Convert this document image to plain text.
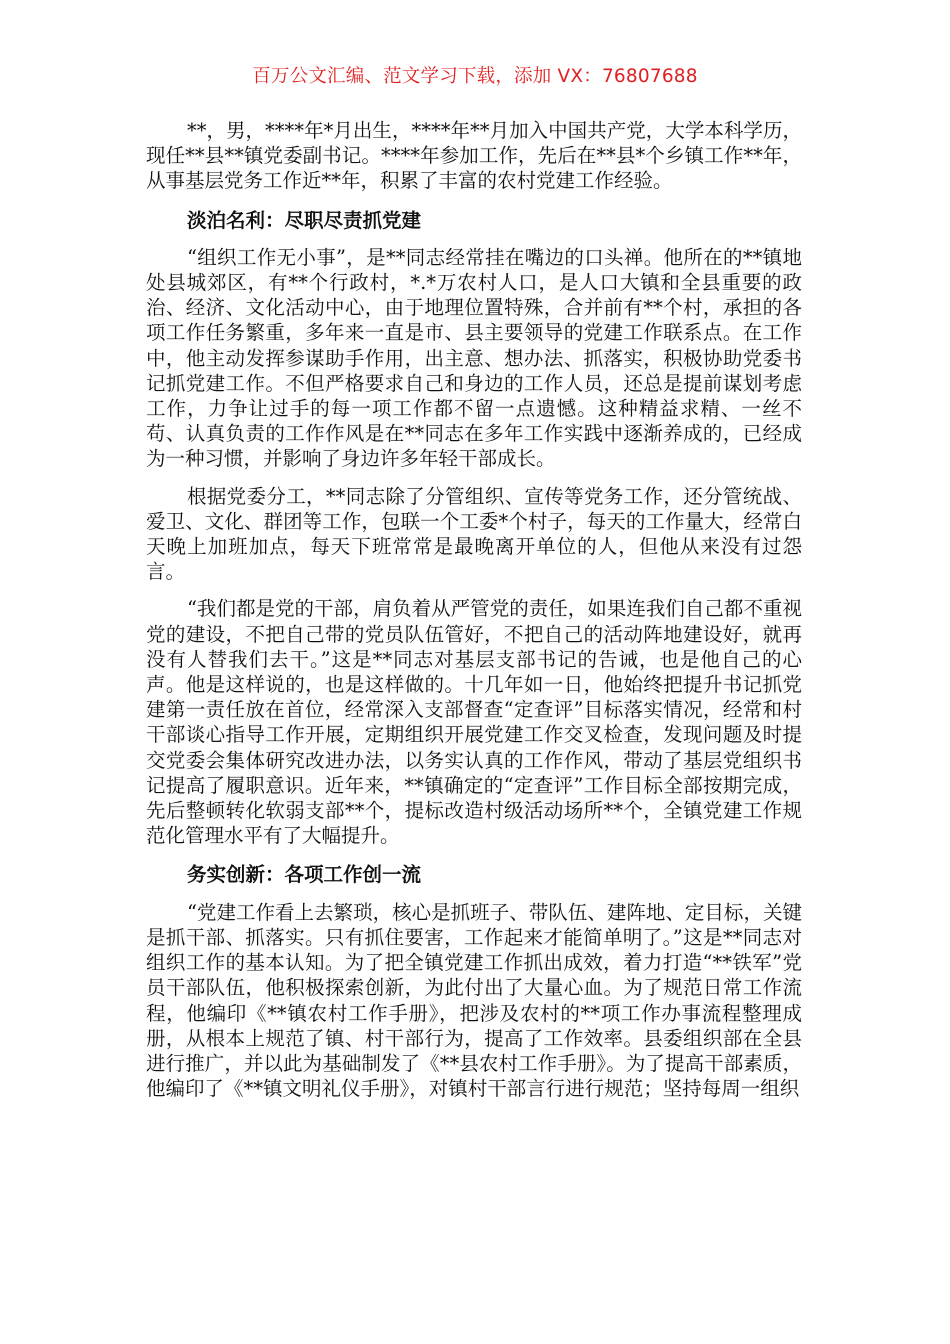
百万公文汇编、范文学习下载，添加 VX：76807688

**，男，****年*月出生，****年**月加入中国共产党，大学本科学历，现任**县**镇党委副书记。****年参加工作，先后在**县*个乡镇工作**年，从事基层党务工作近**年，积累了丰富的农村党建工作经验。

淡泊名利：尽职尽责抓党建

“组织工作无小事”，是**同志经常挂在嘴边的口头禅。他所在的**镇地处县城郊区，有**个行政村，*.*万农村人口，是人口大镇和全县重要的政治、经济、文化活动中心，由于地理位置特殊，合并前有**个村，承担的各项工作任务繁重，多年来一直是市、县主要领导的党建工作联系点。在工作中，他主动发挥参谋助手作用，出主意、想办法、抓落实，积极协助党委书记抓党建工作。不但严格要求自己和身边的工作人员，还总是提前谋划考虑工作，力争让过手的每一项工作都不留一点遗憾。这种精益求精、一丝不苟、认真负责的工作作风是在**同志在多年工作实践中逐渐养成的，已经成为一种习惯，并影响了身边许多年轻干部成长。

根据党委分工，**同志除了分管组织、宣传等党务工作，还分管统战、爱卫、文化、群团等工作，包联一个工委*个村子，每天的工作量大，经常白天晚上加班加点，每天下班常常是最晚离开单位的人，但他从来没有过怨言。

“我们都是党的干部，肩负着从严管党的责任，如果连我们自己都不重视党的建设，不把自己带的党员队伍管好，不把自己的活动阵地建设好，就再没有人替我们去干。”这是**同志对基层支部书记的告诫，也是他自己的心声。他是这样说的，也是这样做的。十几年如一日，他始终把提升书记抓党建第一责任放在首位，经常深入支部督查“定查评”目标落实情况，经常和村干部谈心指导工作开展，定期组织开展党建工作交叉检查，发现问题及时提交党委会集体研究改进办法，以务实认真的工作作风，带动了基层党组织书记提高了履职意识。近年来，**镇确定的“定查评”工作目标全部按期完成，先后整顿转化软弱支部**个，提标改造村级活动场所**个，全镇党建工作规范化管理水平有了大幅提升。

务实创新：各项工作创一流

“党建工作看上去繁琐，核心是抓班子、带队伍、建阵地、定目标，关键是抓干部、抓落实。只有抓住要害，工作起来才能简单明了。”这是**同志对组织工作的基本认知。为了把全镇党建工作抓出成效，着力打造“**铁军”党员干部队伍，他积极探索创新，为此付出了大量心血。为了规范日常工作流程，他编印《**镇农村工作手册》，把涉及农村的**项工作办事流程整理成册，从根本上规范了镇、村干部行为，提高了工作效率。县委组织部在全县进行推广，并以此为基础制发了《**县农村工作手册》。为了提高干部素质，他编印了《**镇文明礼仪手册》，对镇村干部言行进行规范；坚持每周一组织
